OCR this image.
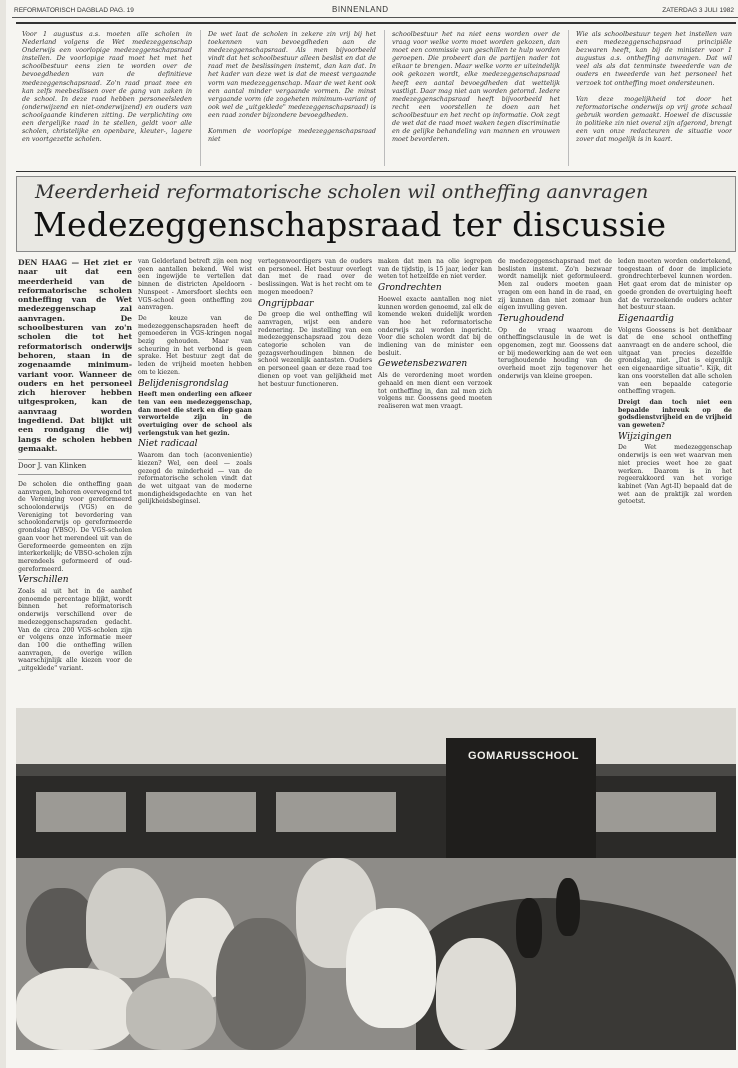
REFORMATORISCH DAGBLAD PAG. 19	BINNENLAND	ZATERDAG 3 JULI 1982
Voor 1 augustus a.s. moeten alle scholen in Nederland volgens de Wet medezeggenschap Onderwijs een voorlopige medezeggenschapsraad instellen. De voorlopige raad moet het met het schoolbestuur eens zien te worden over de bevoegdheden van de definitieve medezeggenschapsraad. Zo'n raad praat mee en kan zelfs meebeslissen over de gang van zaken in de school. In deze raad hebben personeelsleden (onderwijzend en niet-onderwijzend) en ouders van schoolgaande kinderen zitting. De verplichting om een dergelijke raad in te stellen, geldt voor alle scholen, christelijke en openbare, kleuter-, lagere en voortgezette scholen.
De wet laat de scholen in zekere zin vrij bij het toekennen van bevoegdheden aan de medezeggenschapsraad. Als men bijvoorbeeld vindt dat het schoolbestuur alleen beslist en dat de raad met de beslissingen instemt, dan kan dat. In het kader van deze wet is dat de meest vergaande vorm van medezeggenschap. Maar de wet kent ook een aantal minder vergaande vormen. De minst vergaande vorm (de zogeheten minimum-variant of ook wel de „uitgeklede" medezeggenschapsraad) is een raad zonder bijzondere bevoegdheden.

Kommen de voorlopige medezeggenschapsraad niet
schoolbestuur het na niet eens worden over de vraag voor welke vorm moet worden gekozen, dan moet een commissie van geschillen te hulp worden geroepen. Die probeert dan de partijen nader tot elkaar te brengen. Maar welke vorm er uiteindelijk ook gekozen wordt, elke medezeggenschapsraad heeft een aantal bevoegdheden dat wettelijk vastligt. Daar mag niet aan worden getornd. Iedere medezeggenschapsraad heeft bijvoorbeeld het recht een voorstellen te doen aan het schoolbestuur en het recht op informatie. Ook zegt de wet dat de raad moet waken tegen discriminatie en de gelijke behandeling van mannen en vrouwen moet bevorderen.
Wie als schoolbestuur tegen het instellen van een medezeggenschapsraad principiële bezwaren heeft, kan bij de minister voor 1 augustus a.s. ontheffing aanvragen. Dat wil veel als als dat tenminste tweederde van de ouders en tweederde van het personeel het verzoek tot ontheffing moet ondersteunen.

Van deze mogelijkheid tot door het reformatorische onderwijs op vrij grote schaal gebruik worden gemaakt. Hoewel de discussie in politieke zin niet overal zijn afgerond, brengt een van onze redacteuren de situatie voor zover dat mogelijk is in kaart.
Meerderheid reformatorische scholen wil ontheffing aanvragen
Medezeggenschapsraad ter discussie

DEN HAAG — Het ziet er naar uit dat een meerderheid van de reformatorische scholen ontheffing van de Wet medezeggenschap zal aanvragen. De schoolbesturen van zo'n scholen die tot het reformatorisch onderwijs behoren, staan in de zogenaamde minimum-variant voor. Wanneer de ouders en het personeel zich hierover hebben uitgesproken, kan de aanvraag worden ingediend. Dat blijkt uit een rondgang die wij langs de scholen hebben gemaakt.

Door J. van Klinken

De scholen die ontheffing gaan aanvragen, behoren overwegend tot de Vereniging voor gereformeerd schoolonderwijs (VGS) en de Vereniging tot bevordering van schoolonderwijs op gereformeerde grondslag (VBSO). De VGS-scholen gaan voor het merendeel uit van de Gereformeerde gemeenten en zijn interkerkelijk; de VBSO-scholen zijn merendeels geformeerd of oud-gereformeerd.

Verschillen

Zoals al uit het in de aanhef genoemde percentage blijkt, wordt binnen het reformatorisch onderwijs verschillend over de medezeggenschapsraden gedacht. Van de circa 200 VGS-scholen zijn er volgens onze informatie meer dan 100 die ontheffing willen aanvragen, de overige willen waarschijnlijk alle kiezen voor de „uitgeklede" variant.

van Gelderland betreft zijn een nog geen aantallen bekend. Wel wist een ingewijde te vertellen dat binnen de districten Apeldoorn - Nunspeet - Amersfoort slechts een VGS-school geen ontheffing zou aanvragen.

De keuze van de medezeggenschapsraden heeft de gemoederen in VGS-kringen nogal bezig gehouden. Maar van scheuring in het verbond is geen sprake. Het bestuur zegt dat de leden de vrijheid moeten hebben om te kiezen.

Belijdenisgrondslag

Heeft men onderling een afkeer ten van een medezeggenschap, dan moet die sterk en diep gaan verwortelde zijn in de overtuiging over de school als verlengstuk van het gezin.

Niet radicaal

Waarom dan toch (aconvenientie) kiezen? Wel, een deel — zoals gezegd de minderheid — van de reformatorische scholen vindt dat de wet uitgaat van de moderne mondigheidsgedachte en van het gelijkheidsbeginsel.

vertegenwoordigers van de ouders en personeel. Het bestuur overlegt dan met de raad over de beslissingen. Wat is het recht om te mogen meedoen?

Ongrijpbaar

De groep die wel ontheffing wil aanvragen, wijst een andere redenering. De instelling van een medezeggenschapsraad zou deze categorie scholen van de gezagsverhoudingen binnen de school wezenlijk aantasten. Ouders en personeel gaan er deze raad toe dienen op voet van gelijkheid met het bestuur functioneren.

maken dat men na olie iegrepen van de tijdstip, is 15 jaar, ieder kan weten tot hetzelfde en niet verder.

Grondrechten

Hoewel exacte aantallen nog niet kunnen worden genoemd, zal elk de komende weken duidelijk worden van hoe het reformatorische onderwijs zal worden ingericht. Voor die scholen wordt dat bij de indiening van de minister een besluit.

Gewetensbezwaren

Als de verordening moet worden gehaald en men dient een verzoek tot ontheffing in, dan zal men zich volgens mr. Goossens geed moeten realiseren wat men vraagt.

de medezeggenschapsraad met de beslisten instemt. Zo'n bezwaar wordt namelijk niet geformuleerd. Men zal ouders moeten gaan vragen om een hand in de raad, en zij kunnen dan niet zomaar hun eigen invulling geven.

Terughoudend

Op de vraag waarom de ontheffingsclausule in de wet is opgenomen, zegt mr. Goossens dat er bij medewerking aan de wet een terughoudende houding van de overheid moet zijn tegenover het onderwijs van kleine groepen.

leden moeten worden ondertekend, toegestaan of door de impliciete grondrechterbevel kunnen worden. Het gaat erom dat de minister op goede gronden de overtuiging heeft dat de verzoekende ouders achter het bestuur staan.

Eigenaardig

Volgens Goossens is het denkbaar dat de ene school ontheffing aanvraagt en de andere school, die uitgaat van precies dezelfde grondslag, niet. „Dat is eigenlijk een eigenaardige situatie". Kijk, dit kan ons voorstellen dat alle scholen van een bepaalde categorie ontheffing vragen.

Dreigt dan toch niet een bepaalde inbreuk op de godsdienstvrijheid en de vrijheid van geweten?

Wijzigingen

De Wet medezeggenschap onderwijs is een wet waarvan men niet precies weet hoe ze gaat werken. Daarom is in het regeerakkoord van het vorige kabinet (Van Agt-II) bepaald dat de wet aan de praktijk zal worden getoetst.

GOMARUSSCHOOL
